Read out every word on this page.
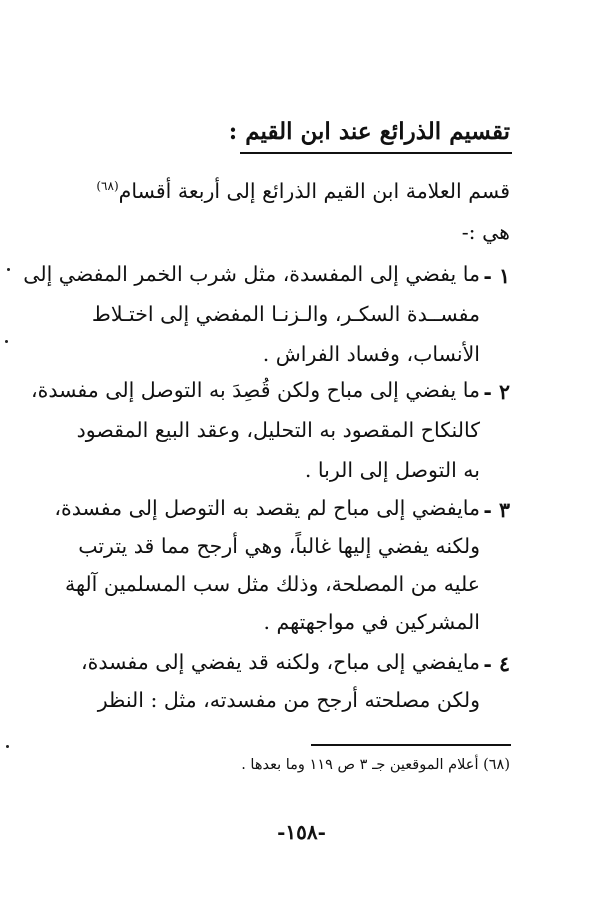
تقسيم الذرائع عند ابن القيم :
قسم العلامة ابن القيم الذرائع إلى أربعة أقسام$^{(٦٨)}$
هي :-
١ -
ما يفضي إلى المفسدة، مثل شرب الخمر المفضي إلى
مفســدة السكـر، والـزنـا المفضي إلى اختـلاط
الأنساب، وفساد الفراش .
٢ -
ما يفضي إلى مباح ولكن قُصِدَ به التوصل إلى مفسدة،
كالنكاح المقصود به التحليل، وعقد البيع المقصود
به التوصل إلى الربا .
٣ -
مايفضي إلى مباح لم يقصد به التوصل إلى مفسدة،
ولكنه يفضي إليها غالباً، وهي أرجح مما قد يترتب
عليه من المصلحة، وذلك مثل سب المسلمين آلهة
المشركين في مواجهتهم .
٤ -
مايفضي إلى مباح، ولكنه قد يفضي إلى مفسدة،
ولكن مصلحته أرجح من مفسدته، مثل : النظر
(٦٨) أعلام الموقعين جـ ٣ ص ١١٩ وما بعدها .
-١٥٨-
